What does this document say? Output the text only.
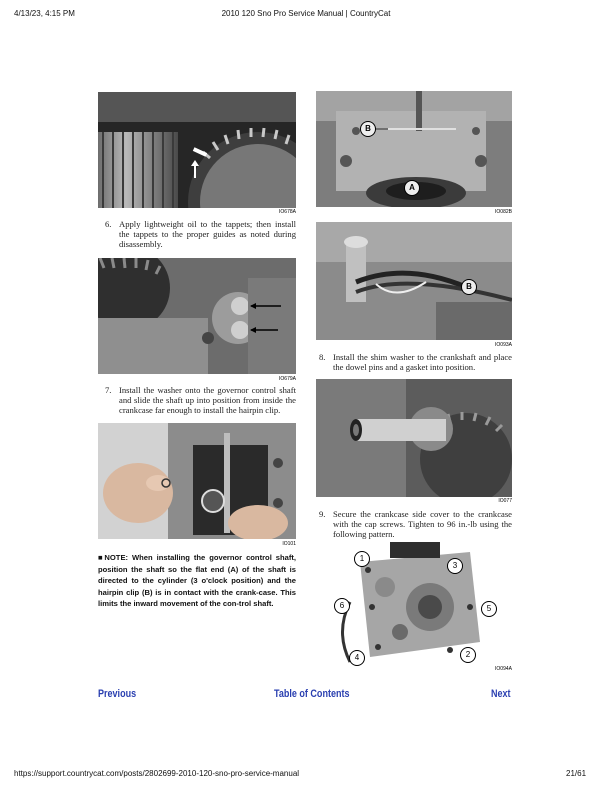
4/13/23, 4:15 PM	2010 120 Sno Pro Service Manual | CountryCat
IO678A
6. Apply lightweight oil to the tappets; then install the tappets to the proper guides as noted during disassembly.
IO679A
7. Install the washer onto the governor control shaft and slide the shaft up into position from inside the crankcase far enough to install the hairpin clip.
IO101
■NOTE: When installing the governor control shaft, position the shaft so the flat end (A) of the shaft is directed to the cylinder (3 o'clock position) and the hairpin clip (B) is in contact with the crank-case. This limits the inward movement of the con-trol shaft.
A
B
IO082B
B
IO093A
8. Install the shim washer to the crankshaft and place the dowel pins and a gasket into position.
IO077
9. Secure the crankcase side cover to the crankcase with the cap screws. Tighten to 96 in.-lb using the following pattern.
1
2
3
4
5
6
IO094A
Previous	Table of Contents	Next
https://support.countrycat.com/posts/2802699-2010-120-sno-pro-service-manual	21/61
